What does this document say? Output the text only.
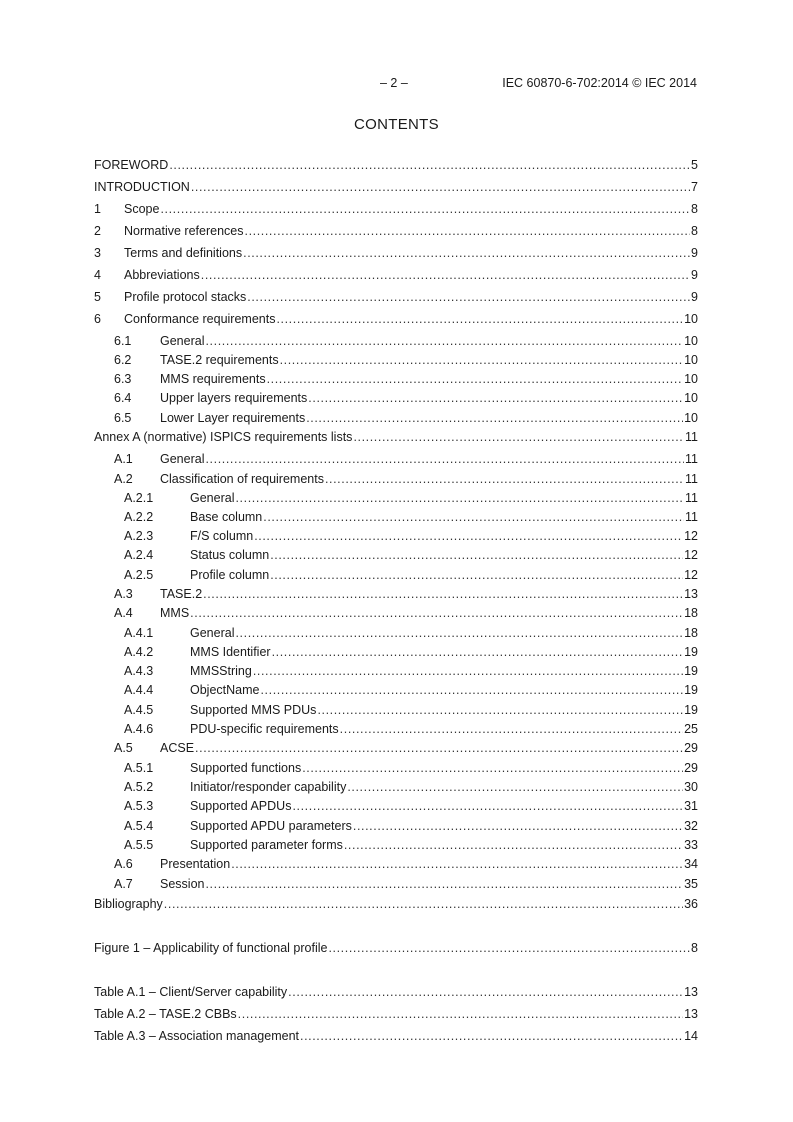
– 2 –	IEC 60870-6-702:2014 © IEC 2014
CONTENTS
FOREWORD .....	5
INTRODUCTION .....	7
1	Scope .....	8
2	Normative references .....	8
3	Terms and definitions .....	9
4	Abbreviations .....	9
5	Profile protocol stacks .....	9
6	Conformance requirements .....	10
6.1	General .....	10
6.2	TASE.2 requirements .....	10
6.3	MMS requirements .....	10
6.4	Upper layers requirements .....	10
6.5	Lower Layer requirements .....	10
Annex A (normative) ISPICS requirements lists .....	11
A.1	General .....	11
A.2	Classification of requirements .....	11
A.2.1	General .....	11
A.2.2	Base column .....	11
A.2.3	F/S column .....	12
A.2.4	Status column .....	12
A.2.5	Profile column .....	12
A.3	TASE.2 .....	13
A.4	MMS .....	18
A.4.1	General .....	18
A.4.2	MMS Identifier .....	19
A.4.3	MMSString .....	19
A.4.4	ObjectName .....	19
A.4.5	Supported MMS PDUs .....	19
A.4.6	PDU-specific requirements .....	25
A.5	ACSE .....	29
A.5.1	Supported functions .....	29
A.5.2	Initiator/responder capability .....	30
A.5.3	Supported APDUs .....	31
A.5.4	Supported APDU parameters .....	32
A.5.5	Supported parameter forms .....	33
A.6	Presentation .....	34
A.7	Session .....	35
Bibliography .....	36
Figure 1 – Applicability of functional profile .....	8
Table A.1 – Client/Server capability .....	13
Table A.2 – TASE.2 CBBs .....	13
Table A.3 – Association management .....	14
